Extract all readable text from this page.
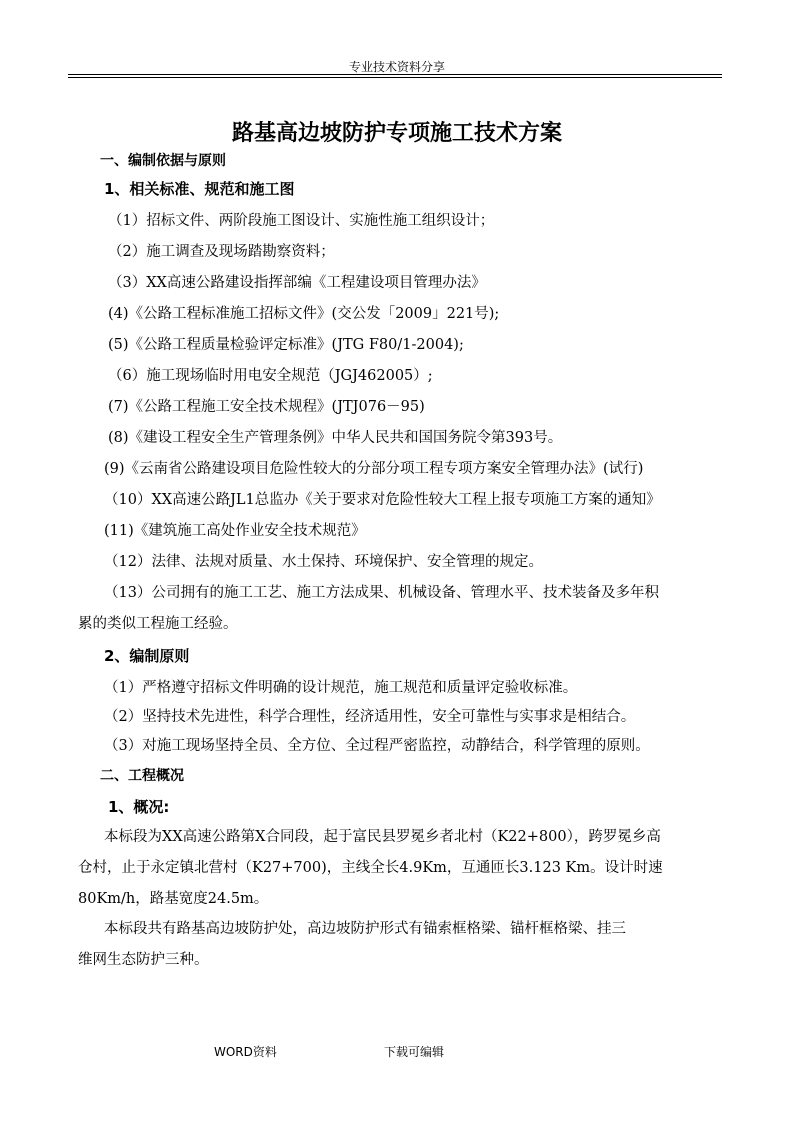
专业技术资料分享
路基高边坡防护专项施工技术方案
一、编制依据与原则
1、相关标准、规范和施工图
（1）招标文件、两阶段施工图设计、实施性施工组织设计；
（2）施工调查及现场踏勘察资料；
（3）XX高速公路建设指挥部编《工程建设项目管理办法》
(4)《公路工程标准施工招标文件》(交公发「2009」221号);
(5)《公路工程质量检验评定标准》(JTG F80/1-2004);
（6）施工现场临时用电安全规范（JGJ462005）;
(7)《公路工程施工安全技术规程》(JTJ076－95)
(8)《建设工程安全生产管理条例》中华人民共和国国务院令第393号。
(9)《云南省公路建设项目危险性较大的分部分项工程专项方案安全管理办法》(试行)
（10）XX高速公路JL1总监办《关于要求对危险性较大工程上报专项施工方案的通知》
(11)《建筑施工高处作业安全技术规范》
（12）法律、法规对质量、水土保持、环境保护、安全管理的规定。
（13）公司拥有的施工工艺、施工方法成果、机械设备、管理水平、技术装备及多年积
累的类似工程施工经验。
2、编制原则
（1）严格遵守招标文件明确的设计规范，施工规范和质量评定验收标准。
（2）坚持技术先进性，科学合理性，经济适用性，安全可靠性与实事求是相结合。
（3）对施工现场坚持全员、全方位、全过程严密监控，动静结合，科学管理的原则。
二、工程概况
1、概况:
本标段为XX高速公路第X合同段，起于富民县罗冕乡者北村（K22+800），跨罗冕乡高
仓村，止于永定镇北营村（K27+700)，主线全长4.9Km，互通匝长3.123 Km。设计时速
80Km/h，路基宽度24.5m。
本标段共有路基高边坡防护处，高边坡防护形式有锚索框格梁、锚杆框格梁、挂三
维网生态防护三种。
WORD资料	下载可编辑
